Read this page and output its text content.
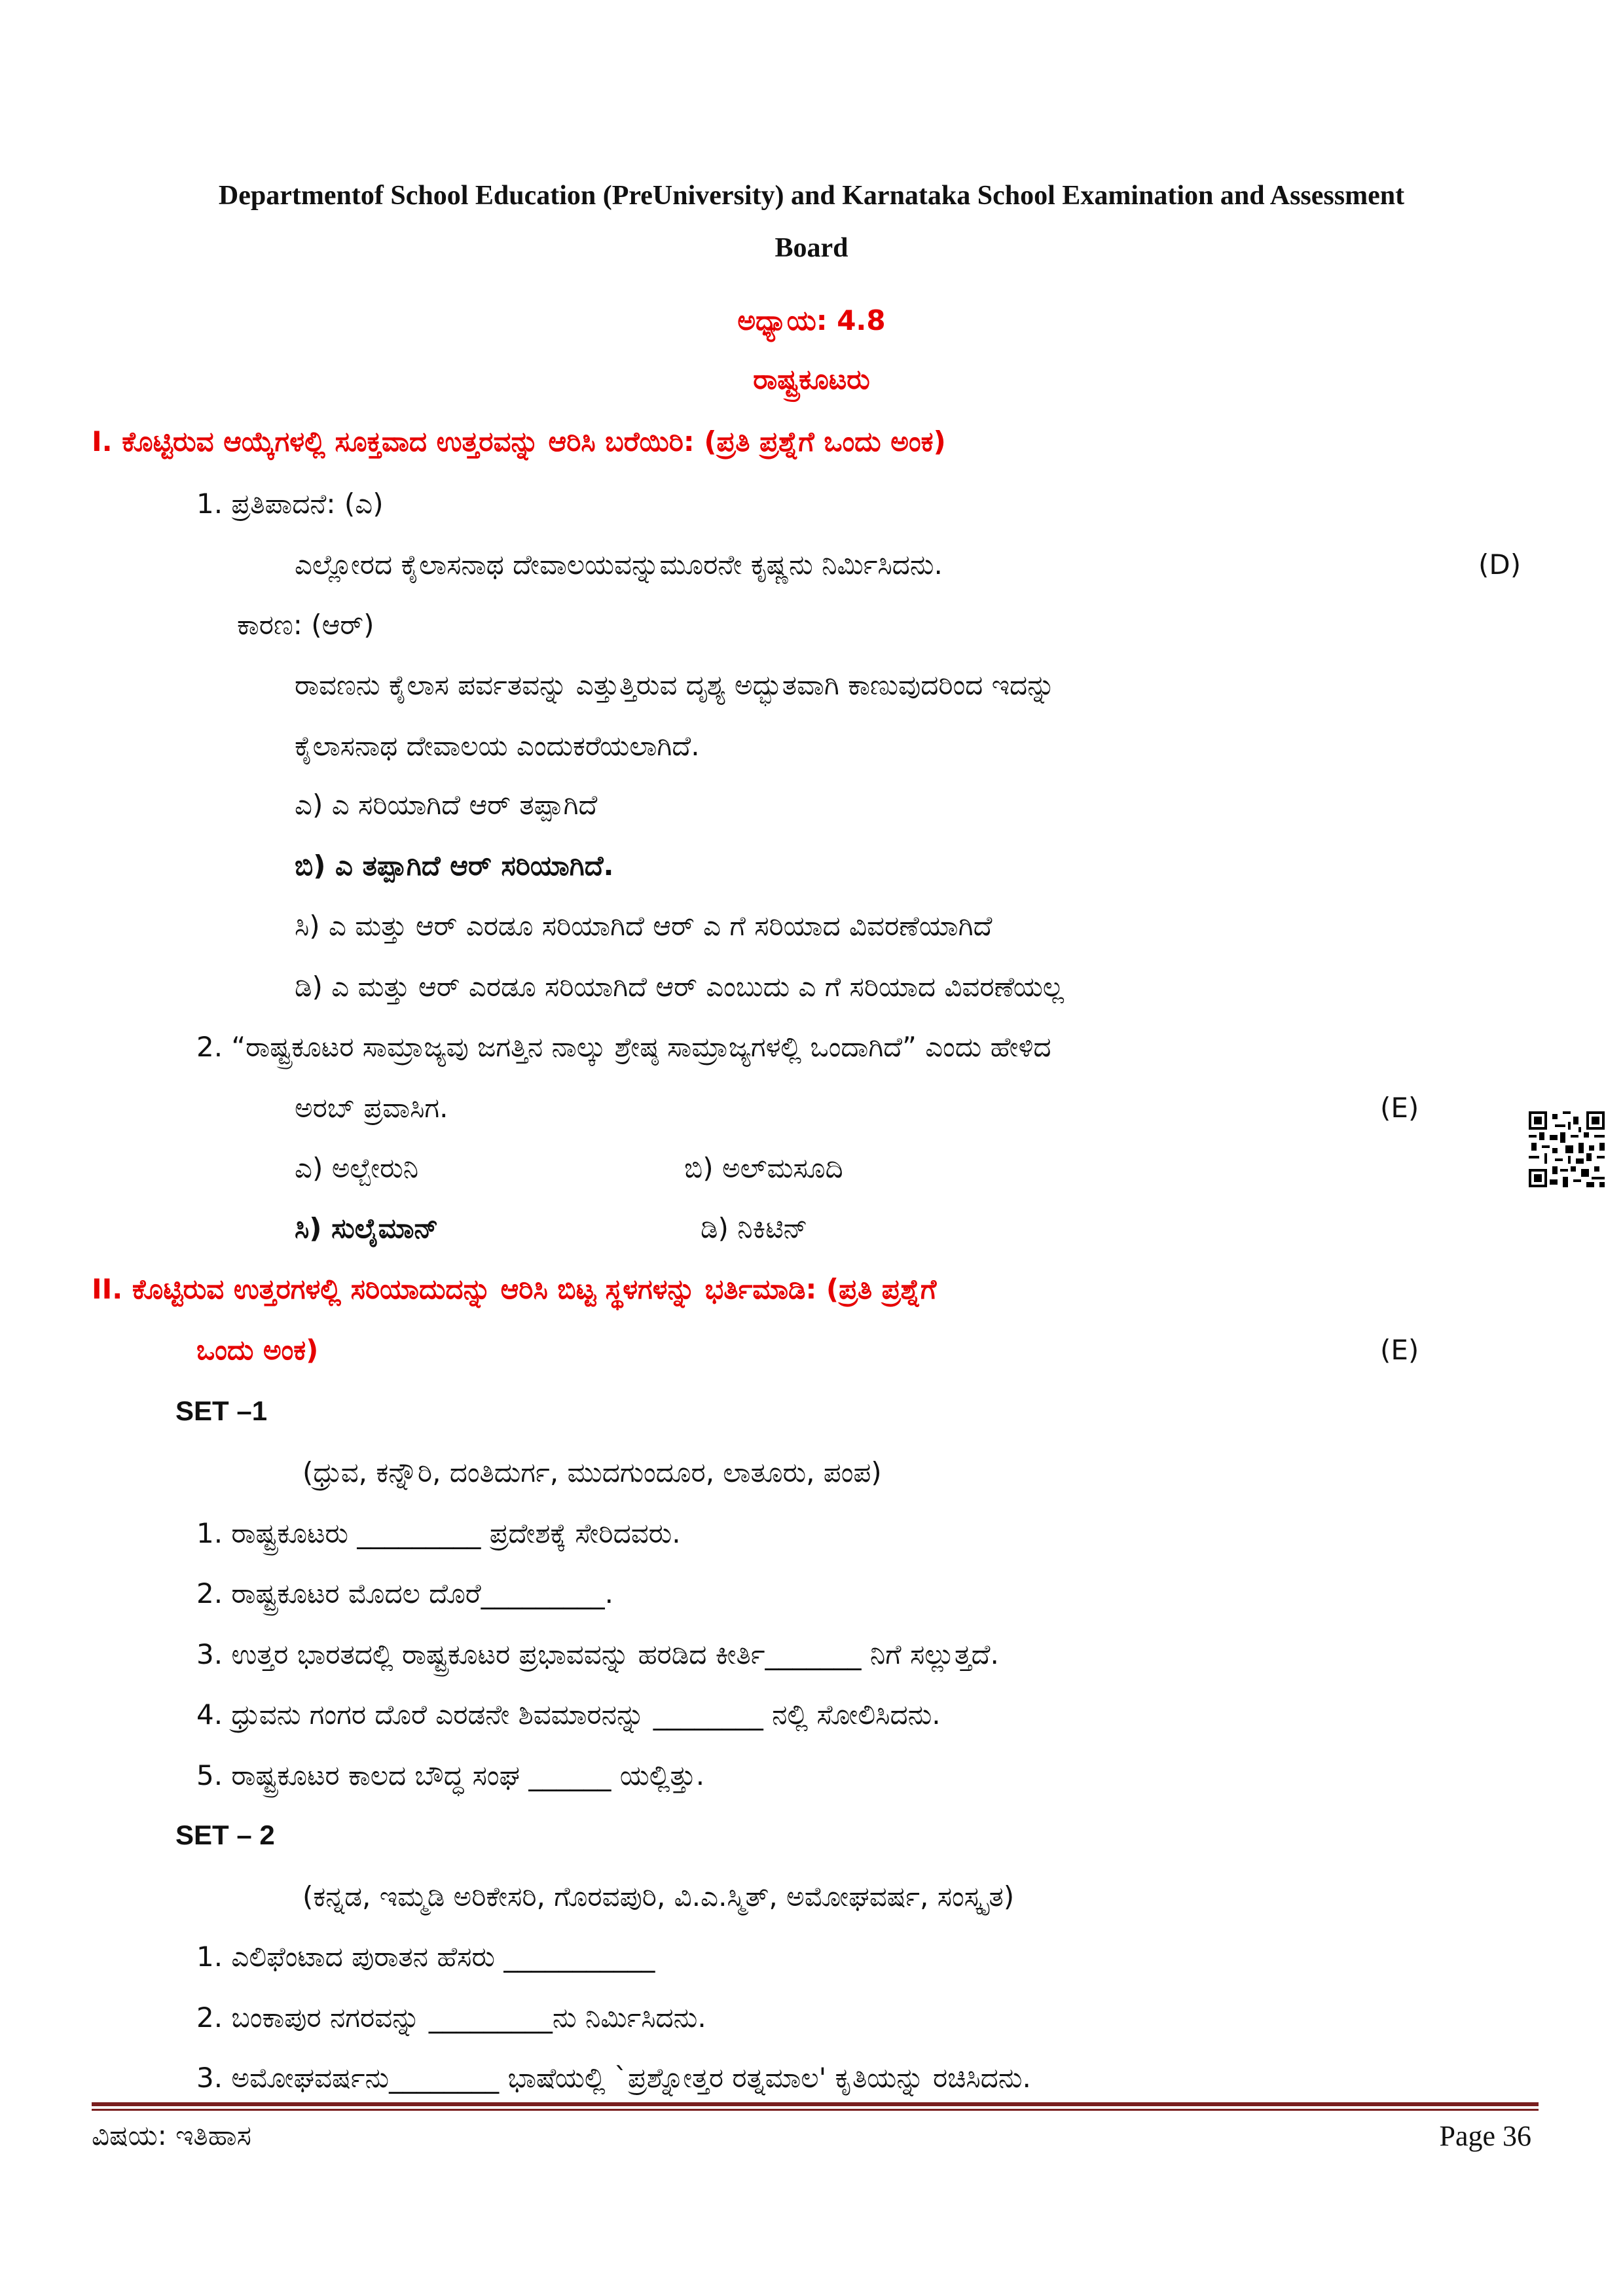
Departmentof School Education (PreUniversity) and Karnataka School Examination and Assessment
Board
ಅಧ್ಯಾಯ: 4.8
ರಾಷ್ಟ್ರಕೂಟರು
I. ಕೊಟ್ಟಿರುವ ಆಯ್ಕೆಗಳಲ್ಲಿ ಸೂಕ್ತವಾದ ಉತ್ತರವನ್ನು ಆರಿಸಿ ಬರೆಯಿರಿ: (ಪ್ರತಿ ಪ್ರಶ್ನೆಗೆ ಒಂದು ಅಂಕ)
1. ಪ್ರತಿಪಾದನೆ: (ಎ)
ಎಲ್ಲೋರದ ಕೈಲಾಸನಾಥ ದೇವಾಲಯವನ್ನುಮೂರನೇ ಕೃಷ್ಣನು ನಿರ್ಮಿಸಿದನು.	(D)
ಕಾರಣ: (ಆರ್)
ರಾವಣನು ಕೈಲಾಸ ಪರ್ವತವನ್ನು ಎತ್ತುತ್ತಿರುವ ದೃಶ್ಯ ಅದ್ಭುತವಾಗಿ ಕಾಣುವುದರಿಂದ ಇದನ್ನು
ಕೈಲಾಸನಾಥ ದೇವಾಲಯ ಎಂದುಕರೆಯಲಾಗಿದೆ.
ಎ) ಎ ಸರಿಯಾಗಿದೆ ಆರ್ ತಪ್ಪಾಗಿದೆ
ಬಿ) ಎ ತಪ್ಪಾಗಿದೆ ಆರ್ ಸರಿಯಾಗಿದೆ.
ಸಿ) ಎ ಮತ್ತು ಆರ್ ಎರಡೂ ಸರಿಯಾಗಿದೆ ಆರ್ ಎ ಗೆ ಸರಿಯಾದ ವಿವರಣೆಯಾಗಿದೆ
ಡಿ) ಎ ಮತ್ತು ಆರ್ ಎರಡೂ ಸರಿಯಾಗಿದೆ ಆರ್ ಎಂಬುದು ಎ ಗೆ ಸರಿಯಾದ ವಿವರಣೆಯಲ್ಲ
2. “ರಾಷ್ಟ್ರಕೂಟರ ಸಾಮ್ರಾಜ್ಯವು ಜಗತ್ತಿನ ನಾಲ್ಕು ಶ್ರೇಷ್ಠ ಸಾಮ್ರಾಜ್ಯಗಳಲ್ಲಿ ಒಂದಾಗಿದೆ” ಎಂದು ಹೇಳಿದ
ಅರಬ್ ಪ್ರವಾಸಿಗ.	(E)
ಎ) ಅಲ್ಬೇರುನಿ	ಬಿ) ಅಲ್‌ಮಸೂದಿ
ಸಿ) ಸುಲೈಮಾನ್	ಡಿ) ನಿಕಿಟಿನ್
II. ಕೊಟ್ಟಿರುವ ಉತ್ತರಗಳಲ್ಲಿ ಸರಿಯಾದುದನ್ನು ಆರಿಸಿ ಬಿಟ್ಟ ಸ್ಥಳಗಳನ್ನು ಭರ್ತಿಮಾಡಿ: (ಪ್ರತಿ ಪ್ರಶ್ನೆಗೆ
ಒಂದು ಅಂಕ)	(E)
SET –1
(ಧ್ರುವ, ಕನ್ನೌರಿ, ದಂತಿದುರ್ಗ, ಮುದಗುಂದೂರ, ಲಾತೂರು, ಪಂಪ)
1. ರಾಷ್ಟ್ರಕೂಟರು _________ ಪ್ರದೇಶಕ್ಕೆ ಸೇರಿದವರು.
2. ರಾಷ್ಟ್ರಕೂಟರ ಮೊದಲ ದೊರೆ_________.
3. ಉತ್ತರ ಭಾರತದಲ್ಲಿ ರಾಷ್ಟ್ರಕೂಟರ ಪ್ರಭಾವವನ್ನು ಹರಡಿದ ಕೀರ್ತಿ_______ ನಿಗೆ ಸಲ್ಲುತ್ತದೆ.
4. ಧ್ರುವನು ಗಂಗರ ದೊರೆ ಎರಡನೇ ಶಿವಮಾರನನ್ನು ________ ನಲ್ಲಿ ಸೋಲಿಸಿದನು.
5. ರಾಷ್ಟ್ರಕೂಟರ ಕಾಲದ ಬೌದ್ಧ ಸಂಘ ______ ಯಲ್ಲಿತ್ತು.
SET – 2
(ಕನ್ನಡ, ಇಮ್ಮಡಿ ಅರಿಕೇಸರಿ, ಗೊರವಪುರಿ, ವಿ.ಎ.ಸ್ಮಿತ್, ಅಮೋಘವರ್ಷ, ಸಂಸ್ಕೃತ)
1. ಎಲಿಫೆಂಟಾದ ಪುರಾತನ ಹೆಸರು ___________
2. ಬಂಕಾಪುರ ನಗರವನ್ನು _________ನು ನಿರ್ಮಿಸಿದನು.
3. ಅಮೋಘವರ್ಷನು________ ಭಾಷೆಯಲ್ಲಿ `ಪ್ರಶ್ನೋತ್ತರ ರತ್ನಮಾಲ' ಕೃತಿಯನ್ನು ರಚಿಸಿದನು.
ವಿಷಯ: ಇತಿಹಾಸ	Page 36
